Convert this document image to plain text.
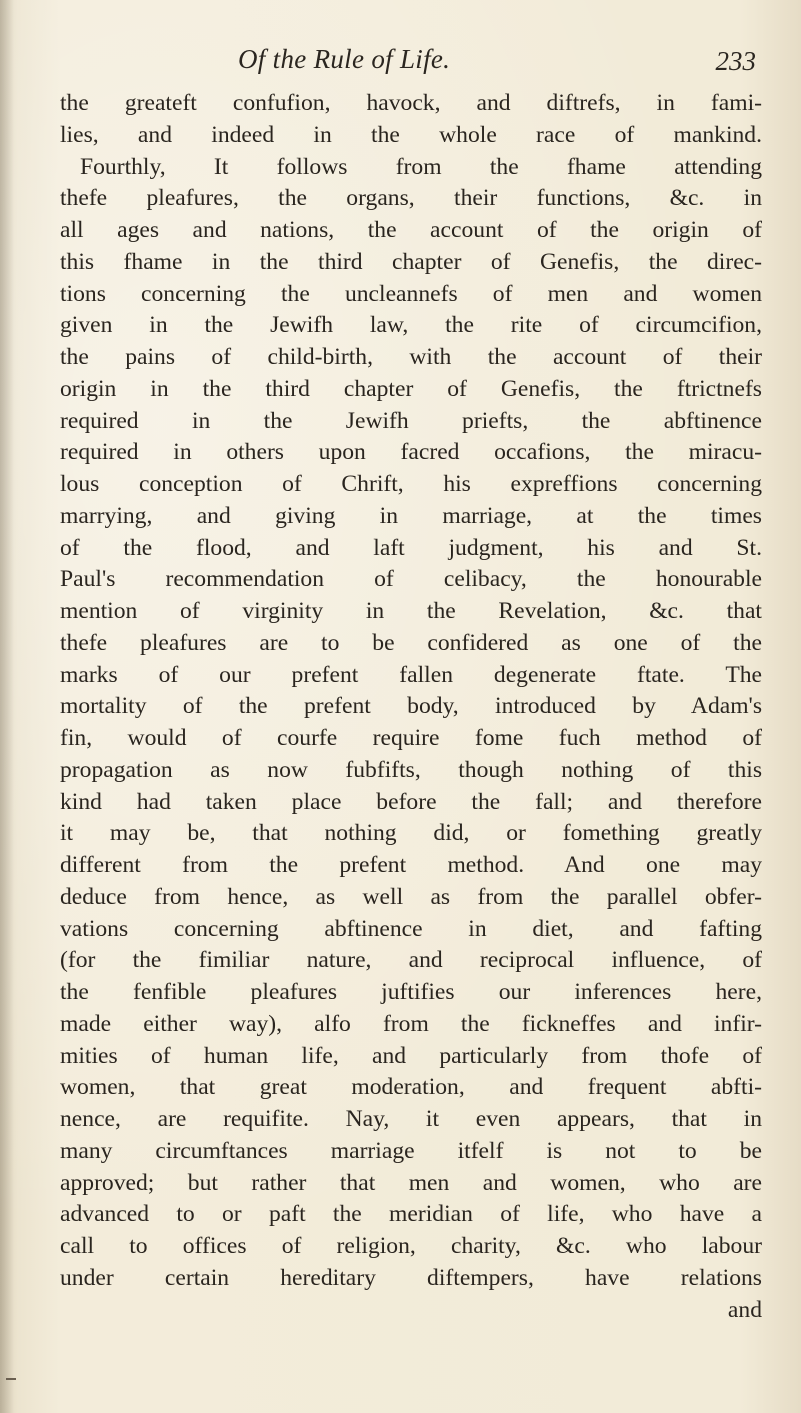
Of the Rule of Life.	233
the greateft confufion, havock, and diftrefs, in fami-
lies, and indeed in the whole race of mankind.
Fourthly, It follows from the fhame attending
thefe pleafures, the organs, their functions, &c. in
all ages and nations, the account of the origin of
this fhame in the third chapter of Genefis, the direc-
tions concerning the uncleannefs of men and women
given in the Jewifh law, the rite of circumcifion,
the pains of child-birth, with the account of their
origin in the third chapter of Genefis, the ftrictnefs
required in the Jewifh priefts, the abftinence
required in others upon facred occafions, the miracu-
lous conception of Chrift, his expreffions concerning
marrying, and giving in marriage, at the times
of the flood, and laft judgment, his and St.
Paul's recommendation of celibacy, the honourable
mention of virginity in the Revelation, &c. that
thefe pleafures are to be confidered as one of the
marks of our prefent fallen degenerate ftate. The
mortality of the prefent body, introduced by Adam's
fin, would of courfe require fome fuch method of
propagation as now fubfifts, though nothing of this
kind had taken place before the fall; and therefore
it may be, that nothing did, or fomething greatly
different from the prefent method. And one may
deduce from hence, as well as from the parallel obfer-
vations concerning abftinence in diet, and fafting
(for the fimiliar nature, and reciprocal influence, of
the fenfible pleafures juftifies our inferences here,
made either way), alfo from the fickneffes and infir-
mities of human life, and particularly from thofe of
women, that great moderation, and frequent abfti-
nence, are requifite. Nay, it even appears, that in
many circumftances marriage itfelf is not to be
approved; but rather that men and women, who are
advanced to or paft the meridian of life, who have a
call to offices of religion, charity, &c. who labour
under certain hereditary diftempers, have relations
and
